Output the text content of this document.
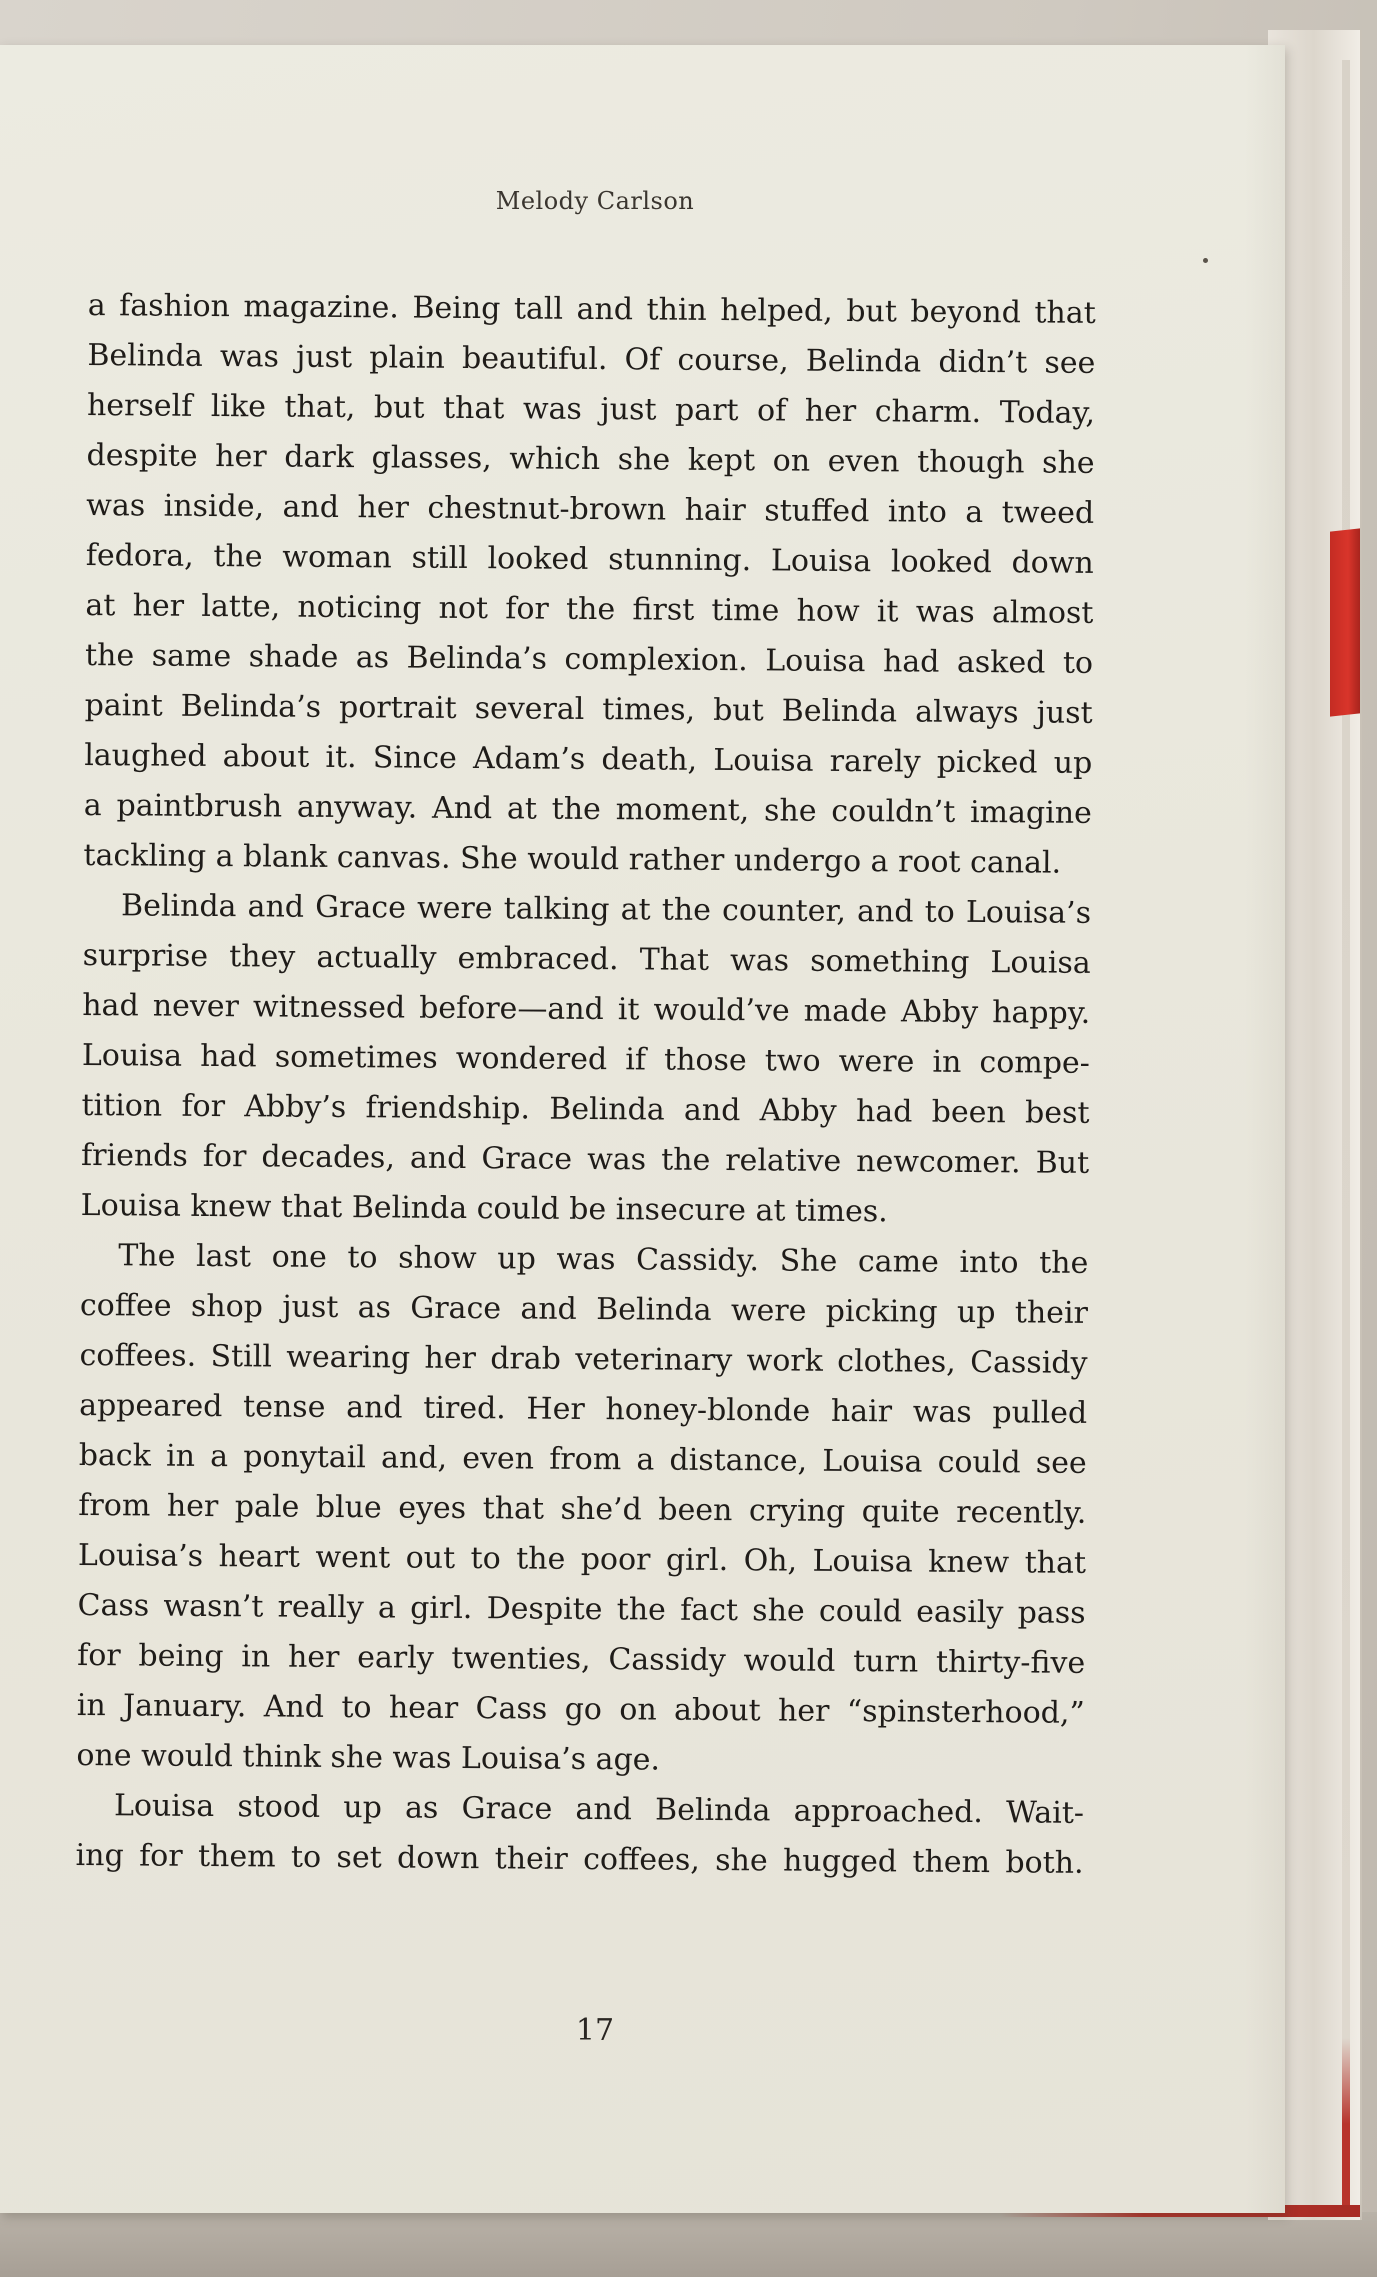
Melody Carlson
a fashion magazine. Being tall and thin helped, but beyond that
Belinda was just plain beautiful. Of course, Belinda didn’t see
herself like that, but that was just part of her charm. Today,
despite her dark glasses, which she kept on even though she
was inside, and her chestnut-brown hair stuffed into a tweed
fedora, the woman still looked stunning. Louisa looked down
at her latte, noticing not for the first time how it was almost
the same shade as Belinda’s complexion. Louisa had asked to
paint Belinda’s portrait several times, but Belinda always just
laughed about it. Since Adam’s death, Louisa rarely picked up
a paintbrush anyway. And at the moment, she couldn’t imagine
tackling a blank canvas. She would rather undergo a root canal.
Belinda and Grace were talking at the counter, and to Louisa’s
surprise they actually embraced. That was something Louisa
had never witnessed before—and it would’ve made Abby happy.
Louisa had sometimes wondered if those two were in compe-
tition for Abby’s friendship. Belinda and Abby had been best
friends for decades, and Grace was the relative newcomer. But
Louisa knew that Belinda could be insecure at times.
The last one to show up was Cassidy. She came into the
coffee shop just as Grace and Belinda were picking up their
coffees. Still wearing her drab veterinary work clothes, Cassidy
appeared tense and tired. Her honey-blonde hair was pulled
back in a ponytail and, even from a distance, Louisa could see
from her pale blue eyes that she’d been crying quite recently.
Louisa’s heart went out to the poor girl. Oh, Louisa knew that
Cass wasn’t really a girl. Despite the fact she could easily pass
for being in her early twenties, Cassidy would turn thirty-five
in January. And to hear Cass go on about her “spinsterhood,”
one would think she was Louisa’s age.
Louisa stood up as Grace and Belinda approached. Wait-
ing for them to set down their coffees, she hugged them both.
17
